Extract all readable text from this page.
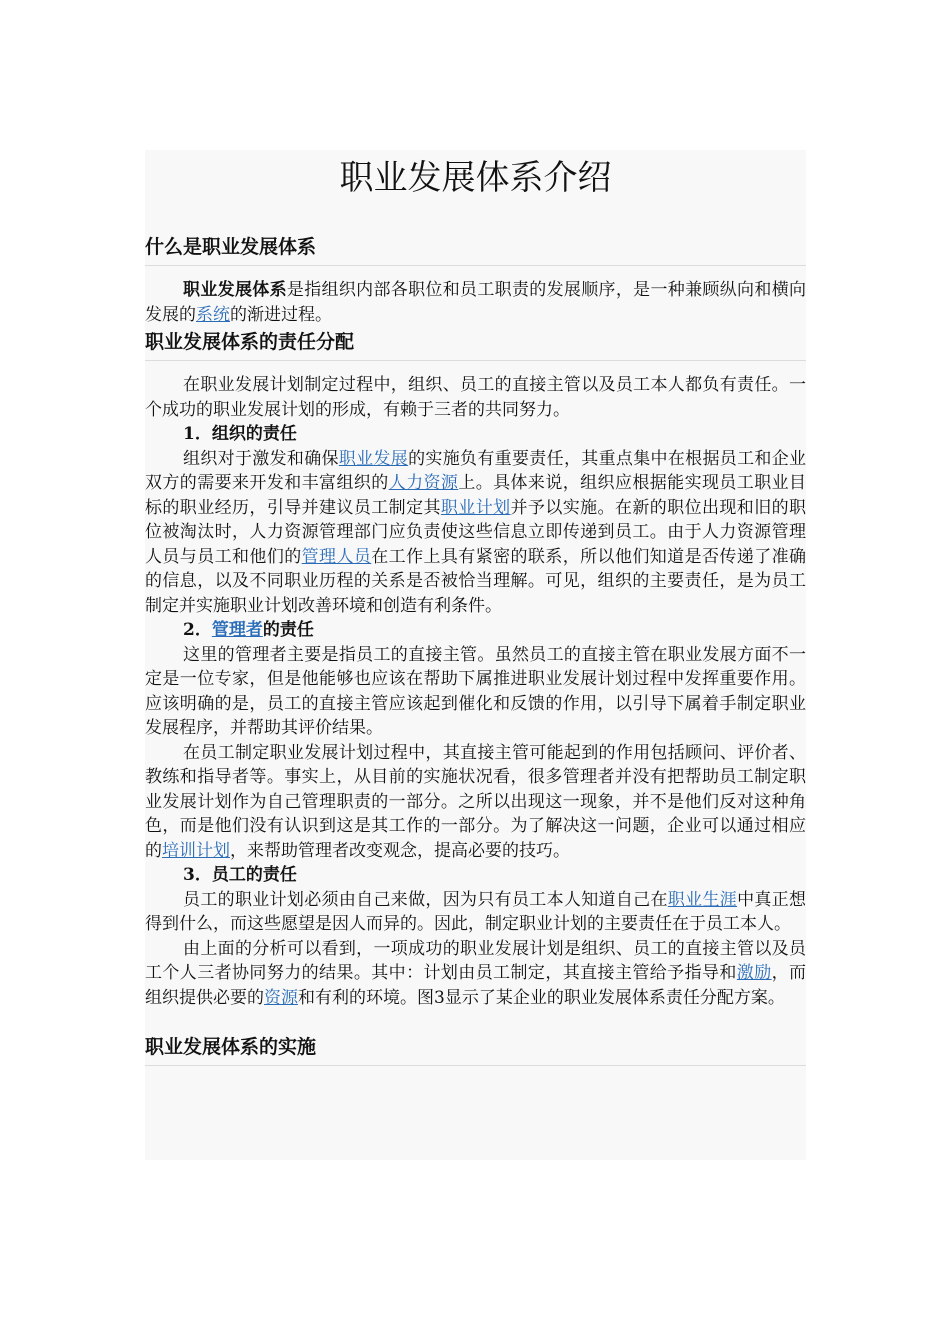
职业发展体系介绍
什么是职业发展体系

职业发展体系是指组织内部各职位和员工职责的发展顺序，是一种兼顾纵向和横向发展的系统的渐进过程。

职业发展体系的责任分配

在职业发展计划制定过程中，组织、员工的直接主管以及员工本人都负有责任。一个成功的职业发展计划的形成，有赖于三者的共同努力。

1．组织的责任

组织对于激发和确保职业发展的实施负有重要责任，其重点集中在根据员工和企业双方的需要来开发和丰富组织的人力资源上。具体来说，组织应根据能实现员工职业目标的职业经历，引导并建议员工制定其职业计划并予以实施。在新的职位出现和旧的职位被淘汰时，人力资源管理部门应负责使这些信息立即传递到员工。由于人力资源管理人员与员工和他们的管理人员在工作上具有紧密的联系，所以他们知道是否传递了准确的信息，以及不同职业历程的关系是否被恰当理解。可见，组织的主要责任，是为员工制定并实施职业计划改善环境和创造有利条件。

2．管理者的责任

这里的管理者主要是指员工的直接主管。虽然员工的直接主管在职业发展方面不一定是一位专家，但是他能够也应该在帮助下属推进职业发展计划过程中发挥重要作用。应该明确的是，员工的直接主管应该起到催化和反馈的作用，以引导下属着手制定职业发展程序，并帮助其评价结果。

在员工制定职业发展计划过程中，其直接主管可能起到的作用包括顾问、评价者、教练和指导者等。事实上，从目前的实施状况看，很多管理者并没有把帮助员工制定职业发展计划作为自己管理职责的一部分。之所以出现这一现象，并不是他们反对这种角色，而是他们没有认识到这是其工作的一部分。为了解决这一问题，企业可以通过相应的培训计划，来帮助管理者改变观念，提高必要的技巧。

3．员工的责任

员工的职业计划必须由自己来做，因为只有员工本人知道自己在职业生涯中真正想得到什么，而这些愿望是因人而异的。因此，制定职业计划的主要责任在于员工本人。

由上面的分析可以看到，一项成功的职业发展计划是组织、员工的直接主管以及员工个人三者协同努力的结果。其中：计划由员工制定，其直接主管给予指导和激励，而组织提供必要的资源和有利的环境。图3显示了某企业的职业发展体系责任分配方案。

职业发展体系的实施
